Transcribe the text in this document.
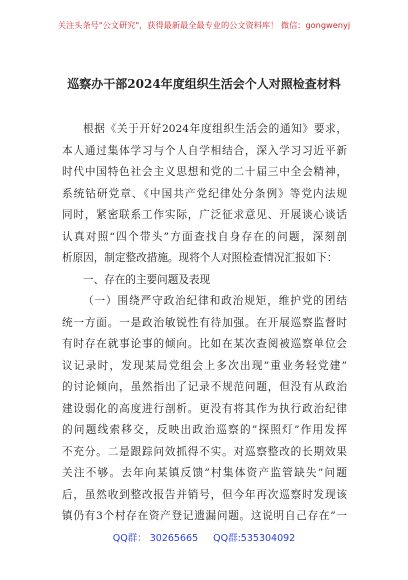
关注头条号"公文研究"，获得最新最全最专业的公文资料库！ 微信：gongwenyj
巡察办干部2024年度组织生活会个人对照检查材料
根据《关于开好2024年度组织生活会的通知》要求，
本人通过集体学习与个人自学相结合，深入学习习近平新
时代中国特色社会主义思想和党的二十届三中全会精神，
系统钻研党章、《中国共产党纪律处分条例》等党内法规
同时，紧密联系工作实际，广泛征求意见、开展谈心谈话
认真对照“四个带头”方面查找自身存在的问题，深刻剖
析原因，制定整改措施。现将个人对照检查情况汇报如下：
一、存在的主要问题及表现
（一）围绕严守政治纪律和政治规矩，维护党的团结
统一方面。一是政治敏锐性有待加强。在开展巡察监督时
有时存在就事论事的倾向。比如在某次查阅被巡察单位会
议记录时，发现某局党组会上多次出现”重业务轻党建”
的讨论倾向，虽然指出了记录不规范问题，但没有从政治
建设弱化的高度进行剖析。更没有将其作为执行政治纪律
的问题线索移交，反映出政治巡察的”探照灯”作用发挥
不充分。二是跟踪问效抓得不实。对巡察整改的长期效果
关注不够。去年向某镇反馈”村集体资产监管缺失”问题
后，虽然收到整改报告并销号，但今年再次巡察时发现该
镇仍有3个村存在资产登记遗漏问题。这说明自己存在”一
QQ群： 30265665 QQ群:535304092
